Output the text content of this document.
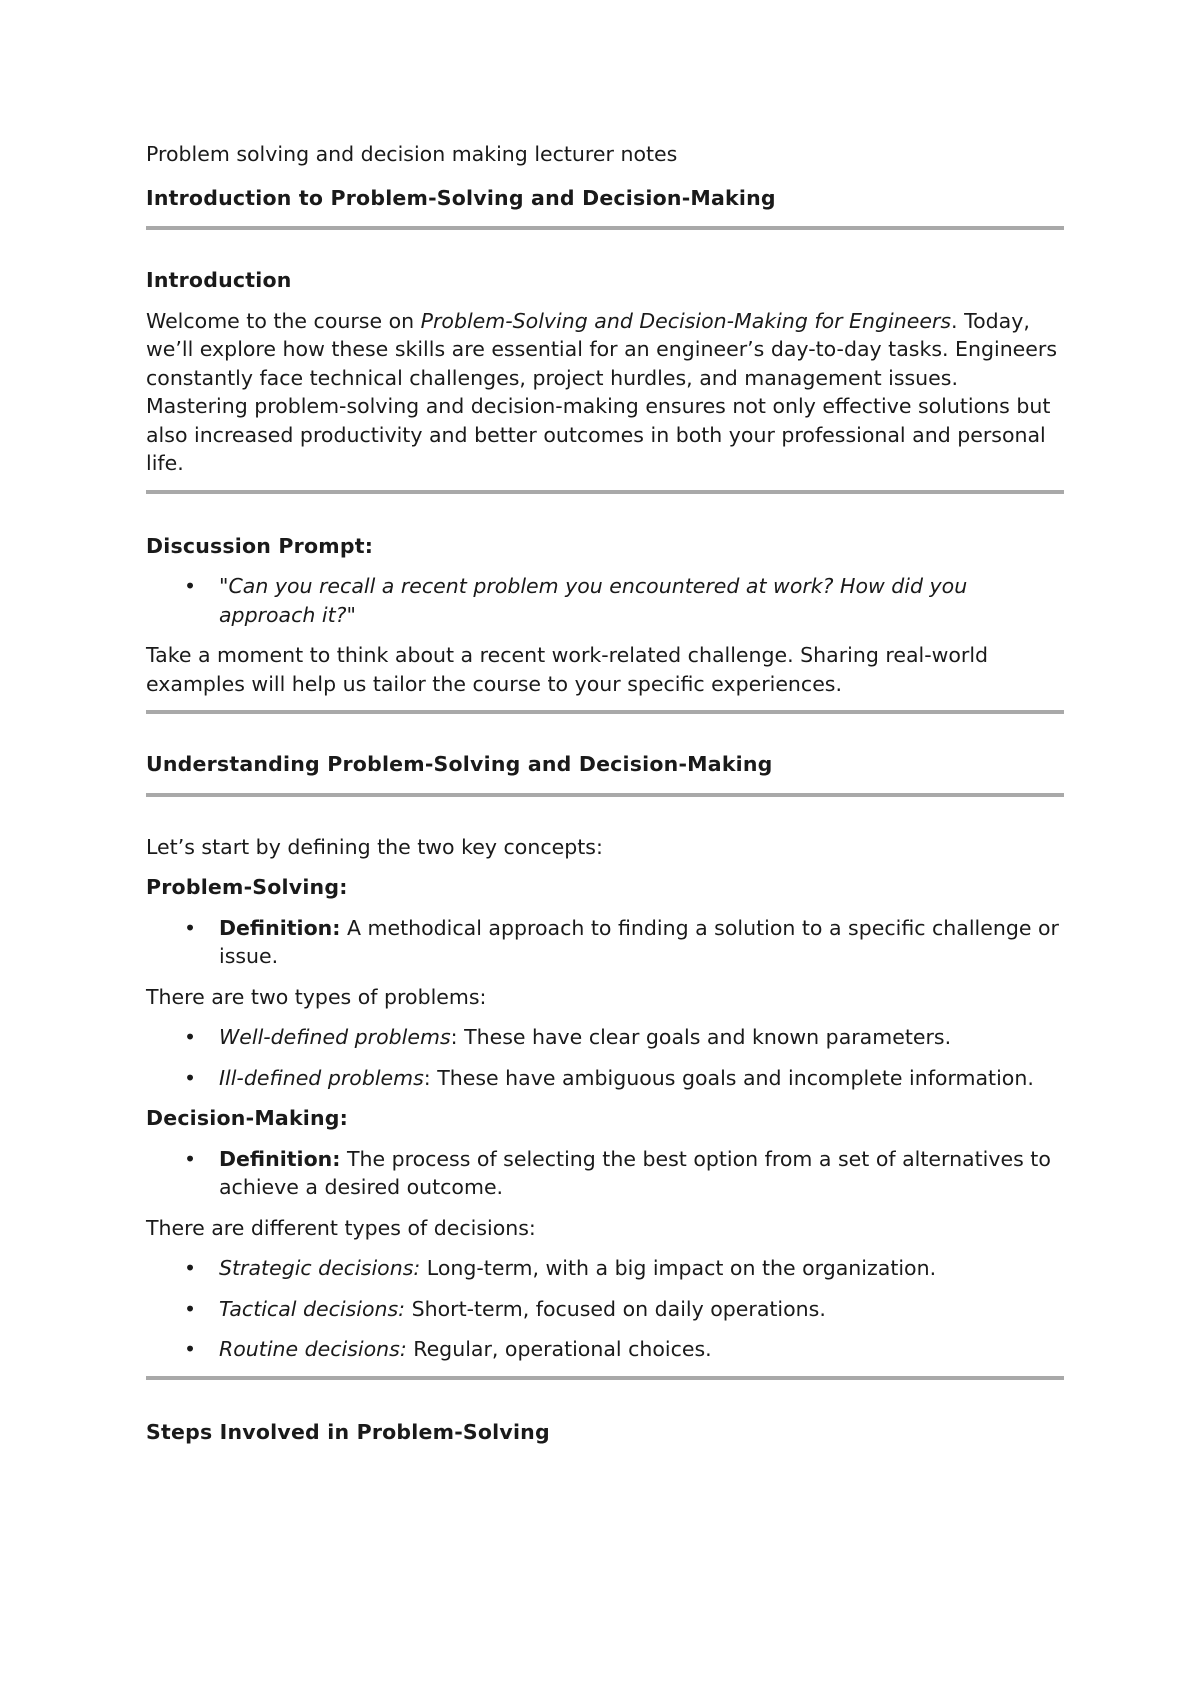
Problem solving and decision making lecturer notes

Introduction to Problem-Solving and Decision-Making

Introduction

Welcome to the course on Problem-Solving and Decision-Making for Engineers. Today, we’ll explore how these skills are essential for an engineer’s day-to-day tasks. Engineers constantly face technical challenges, project hurdles, and management issues. Mastering problem-solving and decision-making ensures not only effective solutions but also increased productivity and better outcomes in both your professional and personal life.

Discussion Prompt:

• "Can you recall a recent problem you encountered at work? How did you approach it?"

Take a moment to think about a recent work-related challenge. Sharing real-world examples will help us tailor the course to your specific experiences.

Understanding Problem-Solving and Decision-Making

Let’s start by defining the two key concepts:

Problem-Solving:

• Definition: A methodical approach to finding a solution to a specific challenge or issue.

There are two types of problems:

• Well-defined problems: These have clear goals and known parameters.
• Ill-defined problems: These have ambiguous goals and incomplete information.

Decision-Making:

• Definition: The process of selecting the best option from a set of alternatives to achieve a desired outcome.

There are different types of decisions:

• Strategic decisions: Long-term, with a big impact on the organization.
• Tactical decisions: Short-term, focused on daily operations.
• Routine decisions: Regular, operational choices.

Steps Involved in Problem-Solving
